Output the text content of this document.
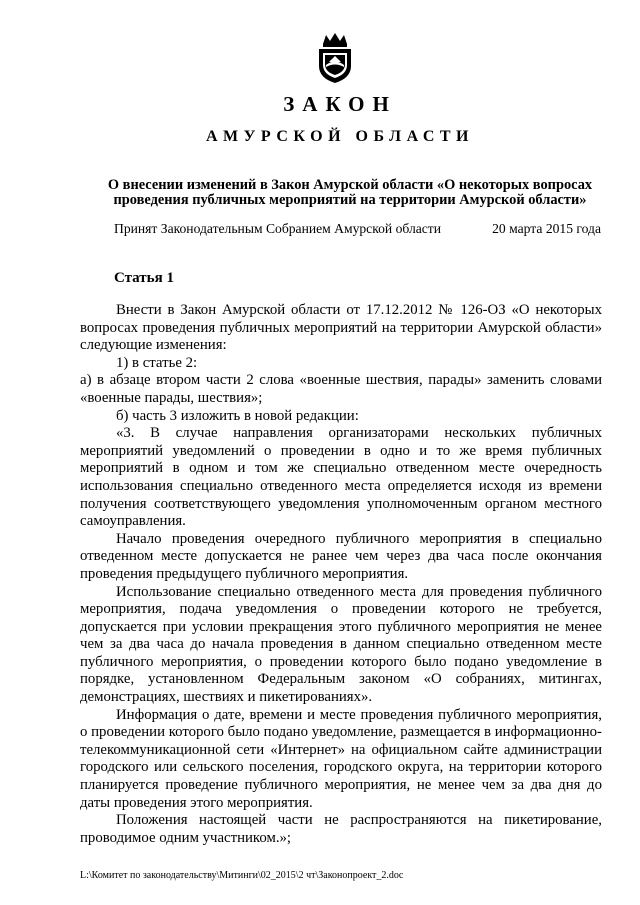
ЗАКОН
АМУРСКОЙ ОБЛАСТИ
О внесении изменений в Закон Амурской области «О некоторых вопросах проведения публичных мероприятий на территории Амурской области»
Принят Законодательным Собранием Амурской области	20 марта 2015 года
Статья 1

Внести в Закон Амурской области от 17.12.2012 № 126-ОЗ «О некоторых вопросах проведения публичных мероприятий на территории Амурской области» следующие изменения:

1) в статье 2:

а) в абзаце втором части 2 слова «военные шествия, парады» заменить словами «военные парады, шествия»;

б) часть 3 изложить в новой редакции:

«3. В случае направления организаторами нескольких публичных мероприятий уведомлений о проведении в одно и то же время публичных мероприятий в одном и том же специально отведенном месте очередность использования специально отведенного места определяется исходя из времени получения соответствующего уведомления уполномоченным органом местного самоуправления.

Начало проведения очередного публичного мероприятия в специально отведенном месте допускается не ранее чем через два часа после окончания проведения предыдущего публичного мероприятия.

Использование специально отведенного места для проведения публичного мероприятия, подача уведомления о проведении которого не требуется, допускается при условии прекращения этого публичного мероприятия не менее чем за два часа до начала проведения в данном специально отведенном месте публичного мероприятия, о проведении которого было подано уведомление в порядке, установленном Федеральным законом «О собраниях, митингах, демонстрациях, шествиях и пикетированиях».

Информация о дате, времени и месте проведения публичного мероприятия, о проведении которого было подано уведомление, размещается в информационно-телекоммуникационной сети «Интернет» на официальном сайте администрации городского или сельского поселения, городского округа, на территории которого планируется проведение публичного мероприятия, не менее чем за два дня до даты проведения этого мероприятия.

Положения настоящей части не распространяются на пикетирование, проводимое одним участником.»;

L:\Комитет по законодательству\Митинги\02_2015\2 чт\Законопроект_2.doc
